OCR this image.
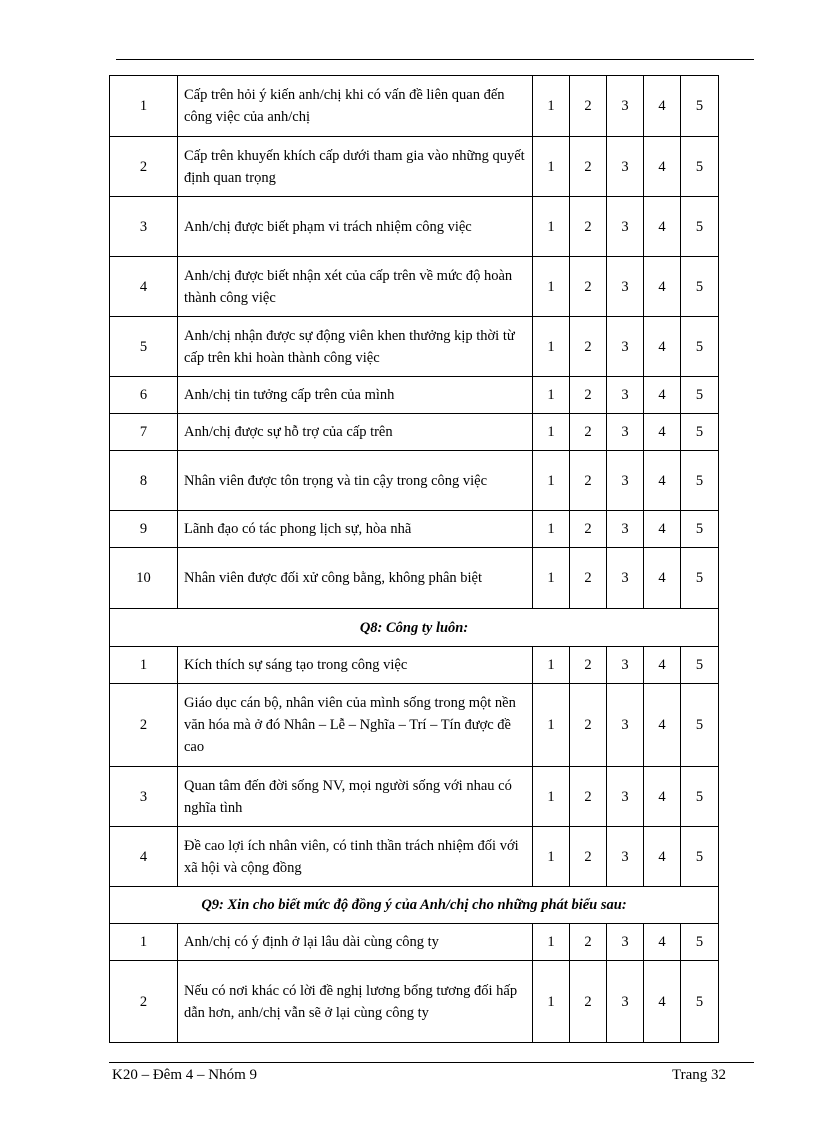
1	Cấp trên hỏi ý kiến anh/chị khi có vấn đề liên quan đến công việc của anh/chị	1	2	3	4	5
2	Cấp trên khuyến khích cấp dưới tham gia vào những quyết định quan trọng	1	2	3	4	5
3	Anh/chị được biết phạm vi trách nhiệm công việc	1	2	3	4	5
4	Anh/chị được biết nhận xét của cấp trên về mức độ hoàn thành công việc	1	2	3	4	5
5	Anh/chị nhận được sự động viên khen thưởng kịp thời từ cấp trên khi hoàn thành công việc	1	2	3	4	5
6	Anh/chị tin tưởng cấp trên của mình	1	2	3	4	5
7	Anh/chị được sự hỗ trợ của cấp trên	1	2	3	4	5
8	Nhân viên được tôn trọng và tin cậy trong công việc	1	2	3	4	5
9	Lãnh đạo có tác phong lịch sự, hòa nhã	1	2	3	4	5
10	Nhân viên được đối xử công bằng, không phân biệt	1	2	3	4	5
Q8: Công ty luôn:						
1	Kích thích sự sáng tạo trong công việc	1	2	3	4	5
2	Giáo dục cán bộ, nhân viên của mình sống trong một nền văn hóa mà ở đó Nhân – Lễ – Nghĩa – Trí – Tín được đề cao	1	2	3	4	5
3	Quan tâm đến đời sống NV, mọi người sống với nhau có nghĩa tình	1	2	3	4	5
4	Đề cao lợi ích nhân viên, có tinh thần trách nhiệm đối với xã hội và cộng đồng	1	2	3	4	5
Q9: Xin cho biết mức độ đồng ý của Anh/chị cho những phát biểu sau:						
1	Anh/chị có ý định ở lại lâu dài cùng công ty	1	2	3	4	5
2	Nếu có nơi khác có lời đề nghị lương bổng tương đối hấp dẫn hơn, anh/chị vẫn sẽ ở lại cùng công ty	1	2	3	4	5
K20 – Đêm 4 – Nhóm 9	Trang 32
